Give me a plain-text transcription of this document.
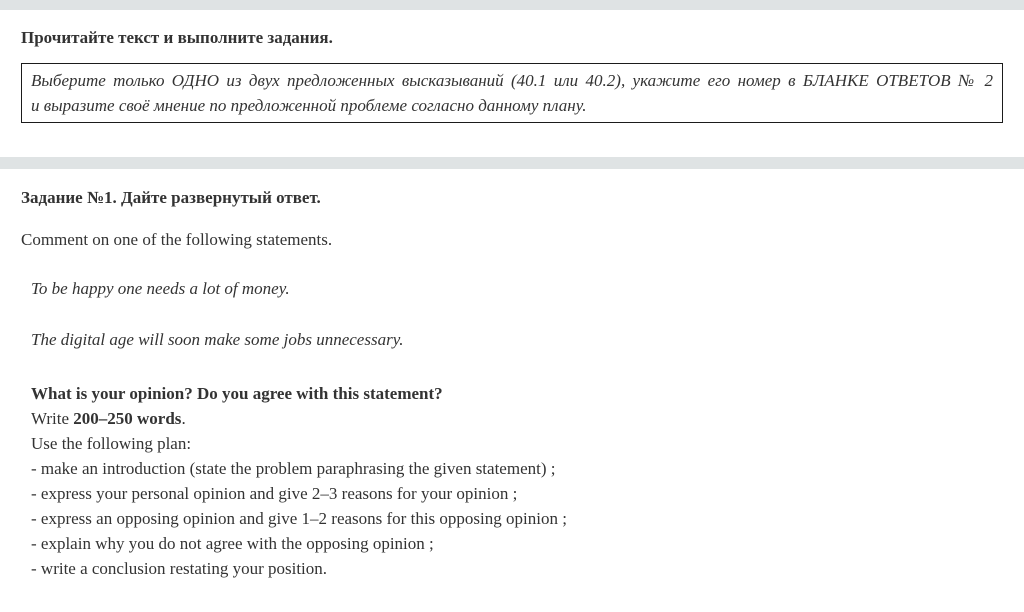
Прочитайте текст и выполните задания.

Выберите только ОДНО из двух предложенных высказываний (40.1 или 40.2), укажите его номер в БЛАНКЕ ОТВЕТОВ № 2
и выразите своё мнение по предложенной проблеме согласно данному плану.

Задание №1. Дайте развернутый ответ.

Comment on one of the following statements.

To be happy one needs a lot of money.

The digital age will soon make some jobs unnecessary.

What is your opinion? Do you agree with this statement?
Write 200–250 words.
Use the following plan:
- make an introduction (state the problem paraphrasing the given statement) ;
- express your personal opinion and give 2–3 reasons for your opinion ;
- express an opposing opinion and give 1–2 reasons for this opposing opinion ;
- explain why you do not agree with the opposing opinion ;
- write a conclusion restating your position.
